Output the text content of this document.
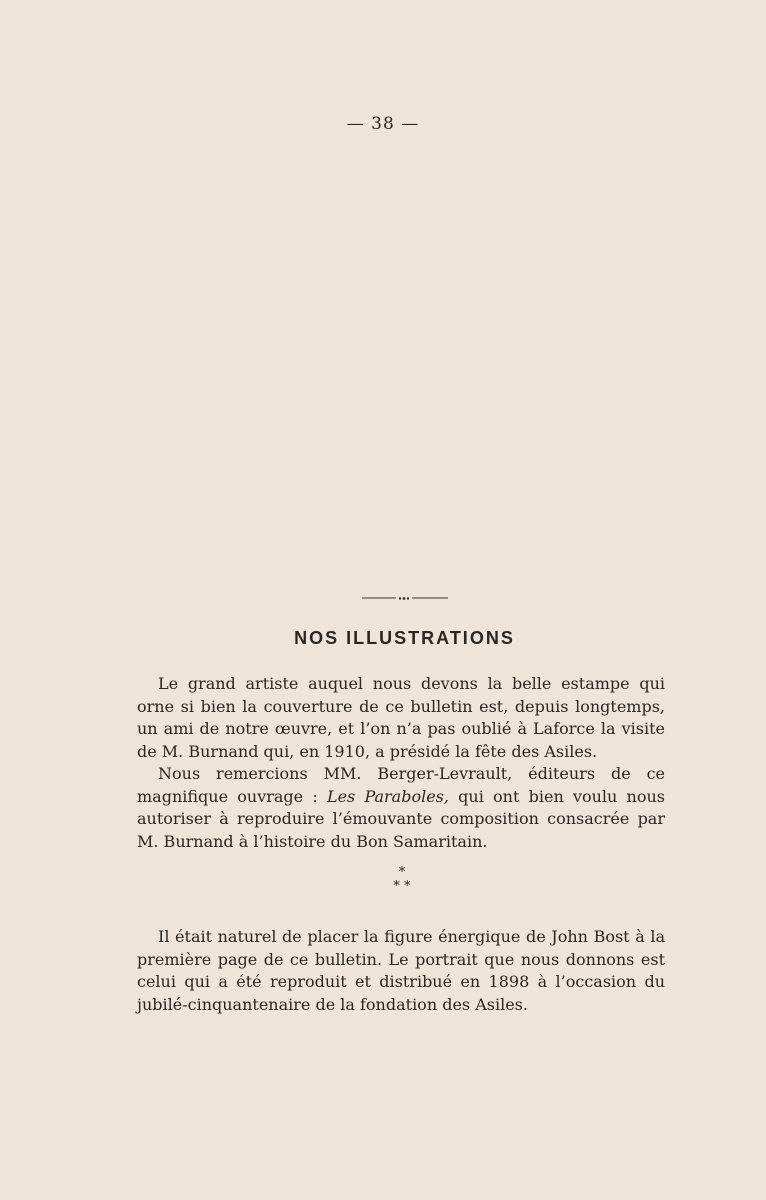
— 38 —
NOS ILLUSTRATIONS

Le grand artiste auquel nous devons la belle estampe qui orne si bien la couverture de ce bulletin est, depuis longtemps, un ami de notre œuvre, et l’on n’a pas oublié à Laforce la visite de M. Burnand qui, en 1910, a présidé la fête des Asiles.

Nous remercions MM. Berger-Levrault, éditeurs de ce magnifique ouvrage : Les Paraboles, qui ont bien voulu nous autoriser à reproduire l’émouvante composition consacrée par M. Burnand à l’histoire du Bon Samaritain.

*
* *

Il était naturel de placer la figure énergique de John Bost à la première page de ce bulletin. Le portrait que nous donnons est celui qui a été reproduit et distribué en 1898 à l’occasion du jubilé-cinquantenaire de la fondation des Asiles.
